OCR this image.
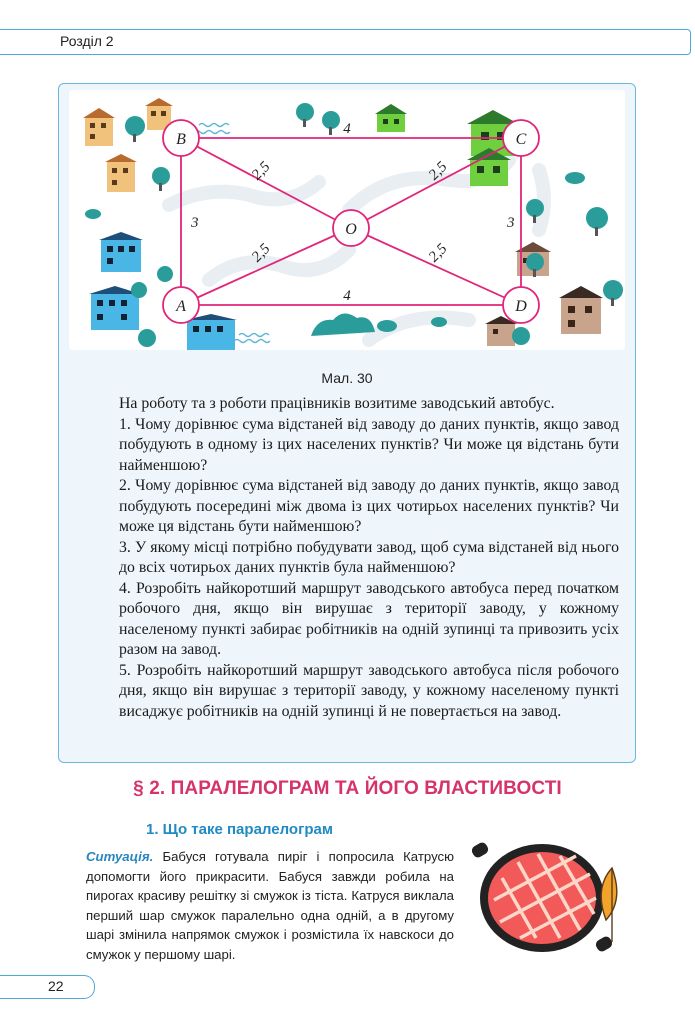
Розділ 2
4
4
3	3
2,5	2,5
2,5	2,5
B	C
A	D
O
Мал. 30

На роботу та з роботи працівників возитиме заводський автобус.

1. Чому дорівнює сума відстаней від заводу до даних пунктів, якщо завод побудують в одному із цих населених пунктів? Чи може ця відстань бути найменшою?

2. Чому дорівнює сума відстаней від заводу до даних пунктів, якщо завод побудують посередині між двома із цих чотирьох населених пунктів? Чи може ця відстань бути найменшою?

3. У якому місці потрібно побудувати завод, щоб сума відстаней від нього до всіх чотирьох даних пунктів була найменшою?

4. Розробіть найкоротший маршрут заводського автобуса перед початком робочого дня, якщо він вирушає з території заводу, у кожному населеному пункті забирає робітників на одній зупинці та привозить усіх разом на завод.

5. Розробіть найкоротший маршрут заводського автобуса після робочого дня, якщо він вирушає з території заводу, у кожному населеному пункті висаджує робітників на одній зупинці й не повертається на завод.

§ 2. ПАРАЛЕЛОГРАМ ТА ЙОГО ВЛАСТИВОСТІ
1. Що таке паралелограм
Ситуація. Бабуся готувала пиріг і попросила Катрусю допомогти його прикрасити. Бабуся завжди робила на пирогах красиву решітку зі смужок із тіста. Катруся виклала перший шар смужок паралельно одна одній, а в другому шарі змінила напрямок смужок і розмістила їх навскоси до смужок у першому шарі.
22
